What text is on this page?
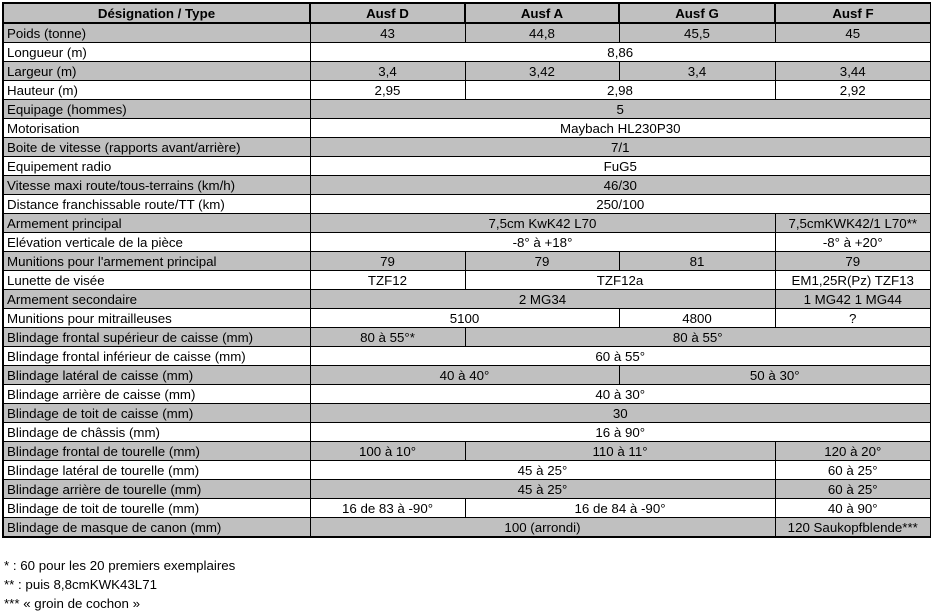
Désignation / Type	Ausf D	Ausf A	Ausf G	Ausf F
Poids (tonne)	43	44,8	45,5	45
Longueur (m)	8,86			
Largeur (m)	3,4	3,42	3,4	3,44
Hauteur (m)	2,95	2,98		2,92
Equipage (hommes)	5			
Motorisation	Maybach HL230P30			
Boite de vitesse (rapports avant/arrière)	7/1			
Equipement radio	FuG5			
Vitesse maxi route/tous-terrains (km/h)	46/30			
Distance franchissable route/TT (km)	250/100			
Armement principal	7,5cm KwK42 L70			7,5cmKWK42/1 L70**
Elévation verticale de la pièce	-8° à +18°			-8° à +20°
Munitions pour l'armement principal	79	79	81	79
Lunette de visée	TZF12	TZF12a		EM1,25R(Pz) TZF13
Armement secondaire	2 MG34			1 MG42 1 MG44
Munitions pour mitrailleuses	5100		4800	?
Blindage frontal supérieur de caisse (mm)	80 à 55°*	80 à 55°		
Blindage frontal inférieur de caisse (mm)	60 à 55°			
Blindage latéral de caisse (mm)	40 à 40°		50 à 30°	
Blindage arrière de caisse (mm)	40 à 30°			
Blindage de toit de caisse (mm)	30			
Blindage de châssis (mm)	16 à 90°			
Blindage frontal de tourelle (mm)	100 à 10°	110 à 11°		120 à 20°
Blindage latéral de tourelle (mm)	45 à 25°			60 à 25°
Blindage arrière de tourelle (mm)	45 à 25°			60 à 25°
Blindage de toit de tourelle (mm)	16 de 83 à -90°	16 de 84 à -90°		40 à 90°
Blindage de masque de canon (mm)	100 (arrondi)			120 Saukopfblende***
* : 60 pour les 20 premiers exemplaires
** : puis 8,8cmKWK43L71
*** « groin de cochon »
